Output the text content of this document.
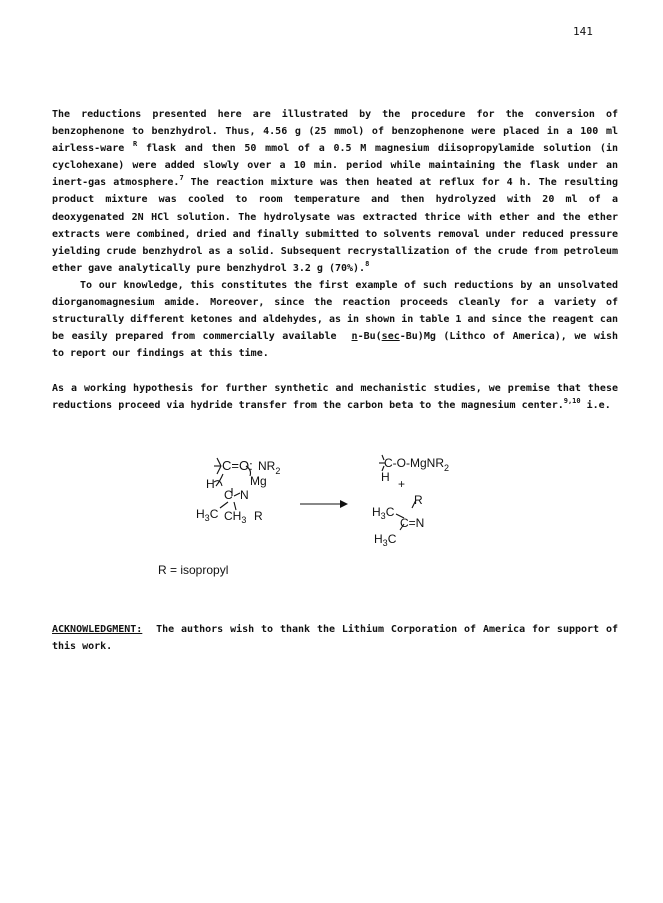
141
The reductions presented here are illustrated by the procedure for the conversion of
benzophenone to benzhydrol. Thus, 4.56 g (25 mmol) of benzophenone were placed in a 100 ml
airless-ware $^R$ flask and then 50 mmol of a 0.5 M magnesium diisopropylamide solution (in
cyclohexane) were added slowly over a 10 min. period while maintaining the flask under an
inert-gas atmosphere.$^7$ The reaction mixture was then heated at reflux for 4 h. The resulting
product mixture was cooled to room temperature and then hydrolyzed with 20 ml of a
deoxygenated 2N HCl solution. The hydrolysate was extracted thrice with ether and the ether
extracts were combined, dried and finally submitted to solvents removal under reduced pressure
yielding crude benzhydrol as a solid. Subsequent recrystallization of the crude from petroleum
ether gave analytically pure benzhydrol 3.2 g (70%).$^8$
To our knowledge, this constitutes the first example of such reductions by an unsolvated
diorganomagnesium amide. Moreover, since the reaction proceeds cleanly for a variety of
structurally different ketones and aldehydes, as in shown in table 1 and since the reagent can
be easily prepared from commercially available n-Bu(sec-Bu)Mg (Lithco of America), we wish
to report our findings at this time.
As a working hypothesis for further synthetic and mechanistic studies, we premise that these
reductions proceed via hydride transfer from the carbon beta to the magnesium center.$^{9,10}$ i.e.
C=O: $NR_2$
H	Mg
C N
$H_3C$ $CH_3$ R
C-O-MgNR$_2$
H +
$H_3C$
R
C=N
$H_3C$
R = isopropyl
ACKNOWLEDGMENT: The authors wish to thank the Lithium Corporation of America for support of
this work.
